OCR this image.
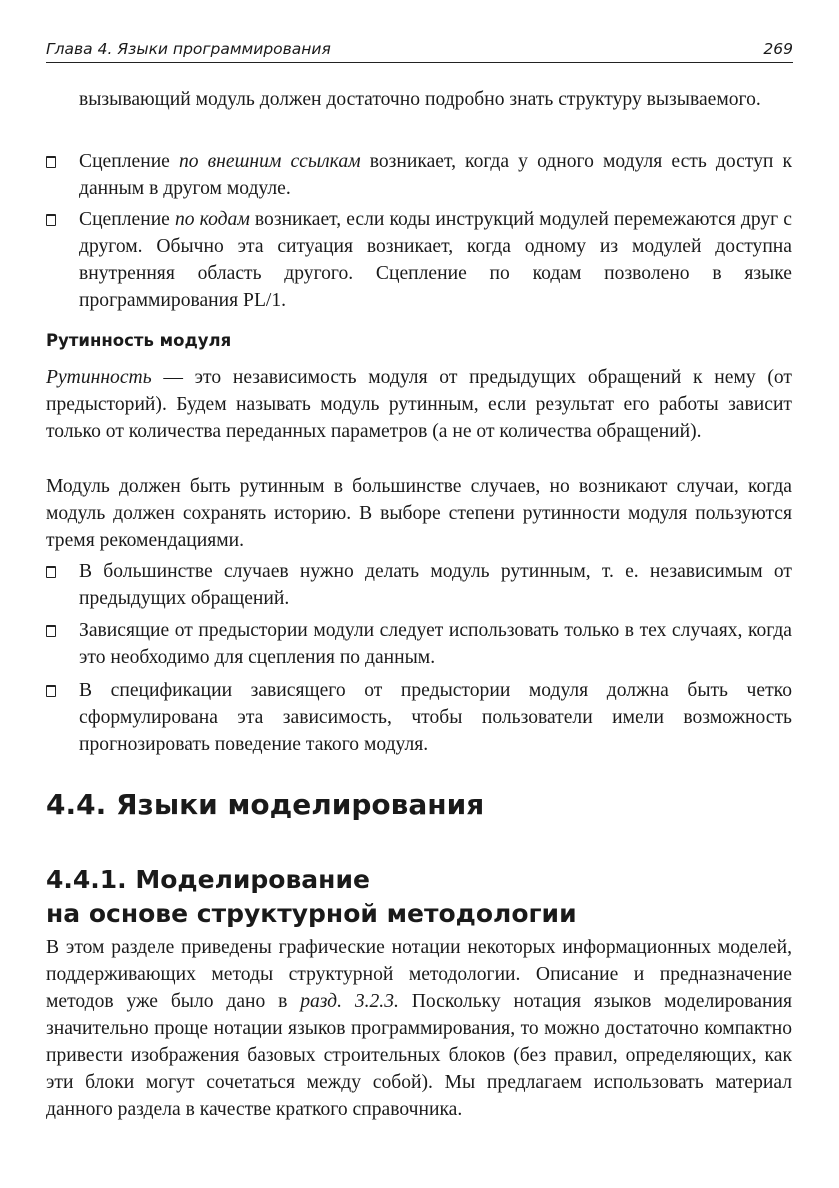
Глава 4. Языки программирования	269

вызывающий модуль должен достаточно подробно знать структуру вызываемого.

Сцепление по внешним ссылкам возникает, когда у одного модуля есть доступ к данным в другом модуле.
Сцепление по кодам возникает, если коды инструкций модулей перемежаются друг с другом. Обычно эта ситуация возникает, когда одному из модулей доступна внутренняя область другого. Сцепление по кодам позволено в языке программирования PL/1.
Рутинность модуля

Рутинность — это независимость модуля от предыдущих обращений к нему (от предысторий). Будем называть модуль рутинным, если результат его работы зависит только от количества переданных параметров (а не от количества обращений).

Модуль должен быть рутинным в большинстве случаев, но возникают случаи, когда модуль должен сохранять историю. В выборе степени рутинности модуля пользуются тремя рекомендациями.

В большинстве случаев нужно делать модуль рутинным, т. е. независимым от предыдущих обращений.
Зависящие от предыстории модули следует использовать только в тех случаях, когда это необходимо для сцепления по данным.
В спецификации зависящего от предыстории модуля должна быть четко сформулирована эта зависимость, чтобы пользователи имели возможность прогнозировать поведение такого модуля.
4.4. Языки моделирования
4.4.1. Моделирование
на основе структурной методологии

В этом разделе приведены графические нотации некоторых информационных моделей, поддерживающих методы структурной методологии. Описание и предназначение методов уже было дано в разд. 3.2.3. Поскольку нотация языков моделирования значительно проще нотации языков программирования, то можно достаточно компактно привести изображения базовых строительных блоков (без правил, определяющих, как эти блоки могут сочетаться между собой). Мы предлагаем использовать материал данного раздела в качестве краткого справочника.
